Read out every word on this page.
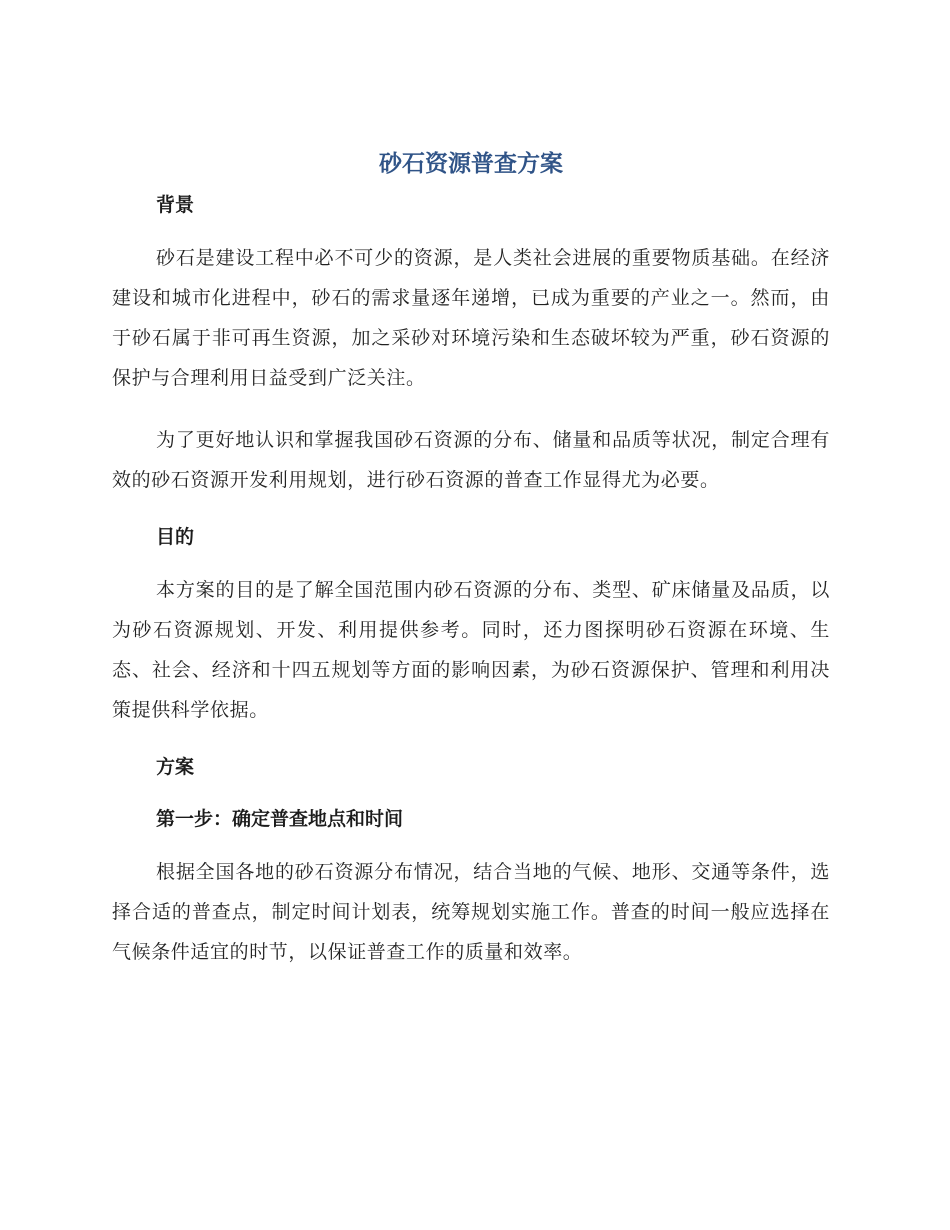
砂石资源普查方案
背景

砂石是建设工程中必不可少的资源，是人类社会进展的重要物质基础。在经济建设和城市化进程中，砂石的需求量逐年递增，已成为重要的产业之一。然而，由于砂石属于非可再生资源，加之采砂对环境污染和生态破坏较为严重，砂石资源的保护与合理利用日益受到广泛关注。

为了更好地认识和掌握我国砂石资源的分布、储量和品质等状况，制定合理有效的砂石资源开发利用规划，进行砂石资源的普查工作显得尤为必要。

目的

本方案的目的是了解全国范围内砂石资源的分布、类型、矿床储量及品质，以为砂石资源规划、开发、利用提供参考。同时，还力图探明砂石资源在环境、生态、社会、经济和十四五规划等方面的影响因素，为砂石资源保护、管理和利用决策提供科学依据。

方案
第一步：确定普查地点和时间

根据全国各地的砂石资源分布情况，结合当地的气候、地形、交通等条件，选择合适的普查点，制定时间计划表，统筹规划实施工作。普查的时间一般应选择在气候条件适宜的时节，以保证普查工作的质量和效率。
